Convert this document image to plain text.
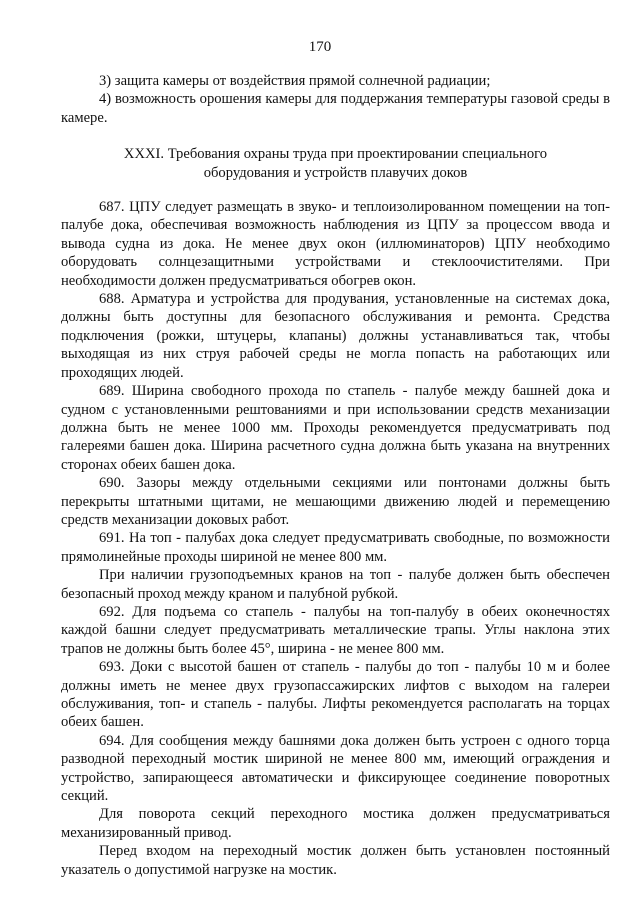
170

3) защита камеры от воздействия прямой солнечной радиации;

4) возможность орошения камеры для поддержания температуры газовой среды в камере.

XXXI. Требования охраны труда при проектировании специального
оборудования и устройств плавучих доков

687. ЦПУ следует размещать в звуко- и теплоизолированном помещении на топ-палубе дока, обеспечивая возможность наблюдения из ЦПУ за процессом ввода и вывода судна из дока. Не менее двух окон (иллюминаторов) ЦПУ необходимо оборудовать солнцезащитными устройствами и стеклоочистителями. При необходимости должен предусматриваться обогрев окон.

688. Арматура и устройства для продувания, установленные на системах дока, должны быть доступны для безопасного обслуживания и ремонта. Средства подключения (рожки, штуцеры, клапаны) должны устанавливаться так, чтобы выходящая из них струя рабочей среды не могла попасть на работающих или проходящих людей.

689. Ширина свободного прохода по стапель - палубе между башней дока и судном с установленными рештованиями и при использовании средств механизации должна быть не менее 1000 мм. Проходы рекомендуется предусматривать под галереями башен дока. Ширина расчетного судна должна быть указана на внутренних сторонах обеих башен дока.

690. Зазоры между отдельными секциями или понтонами должны быть перекрыты штатными щитами, не мешающими движению людей и перемещению средств механизации доковых работ.

691. На топ - палубах дока следует предусматривать свободные, по возможности прямолинейные проходы шириной не менее 800 мм.

При наличии грузоподъемных кранов на топ - палубе должен быть обеспечен безопасный проход между краном и палубной рубкой.

692. Для подъема со стапель - палубы на топ-палубу в обеих оконечностях каждой башни следует предусматривать металлические трапы. Углы наклона этих трапов не должны быть более 45°, ширина - не менее 800 мм.

693. Доки с высотой башен от стапель - палубы до топ - палубы 10 м и более должны иметь не менее двух грузопассажирских лифтов с выходом на галереи обслуживания, топ- и стапель - палубы. Лифты рекомендуется располагать на торцах обеих башен.

694. Для сообщения между башнями дока должен быть устроен с одного торца разводной переходный мостик шириной не менее 800 мм, имеющий ограждения и устройство, запирающееся автоматически и фиксирующее соединение поворотных секций.

Для поворота секций переходного мостика должен предусматриваться механизированный привод.

Перед входом на переходный мостик должен быть установлен постоянный указатель о допустимой нагрузке на мостик.
